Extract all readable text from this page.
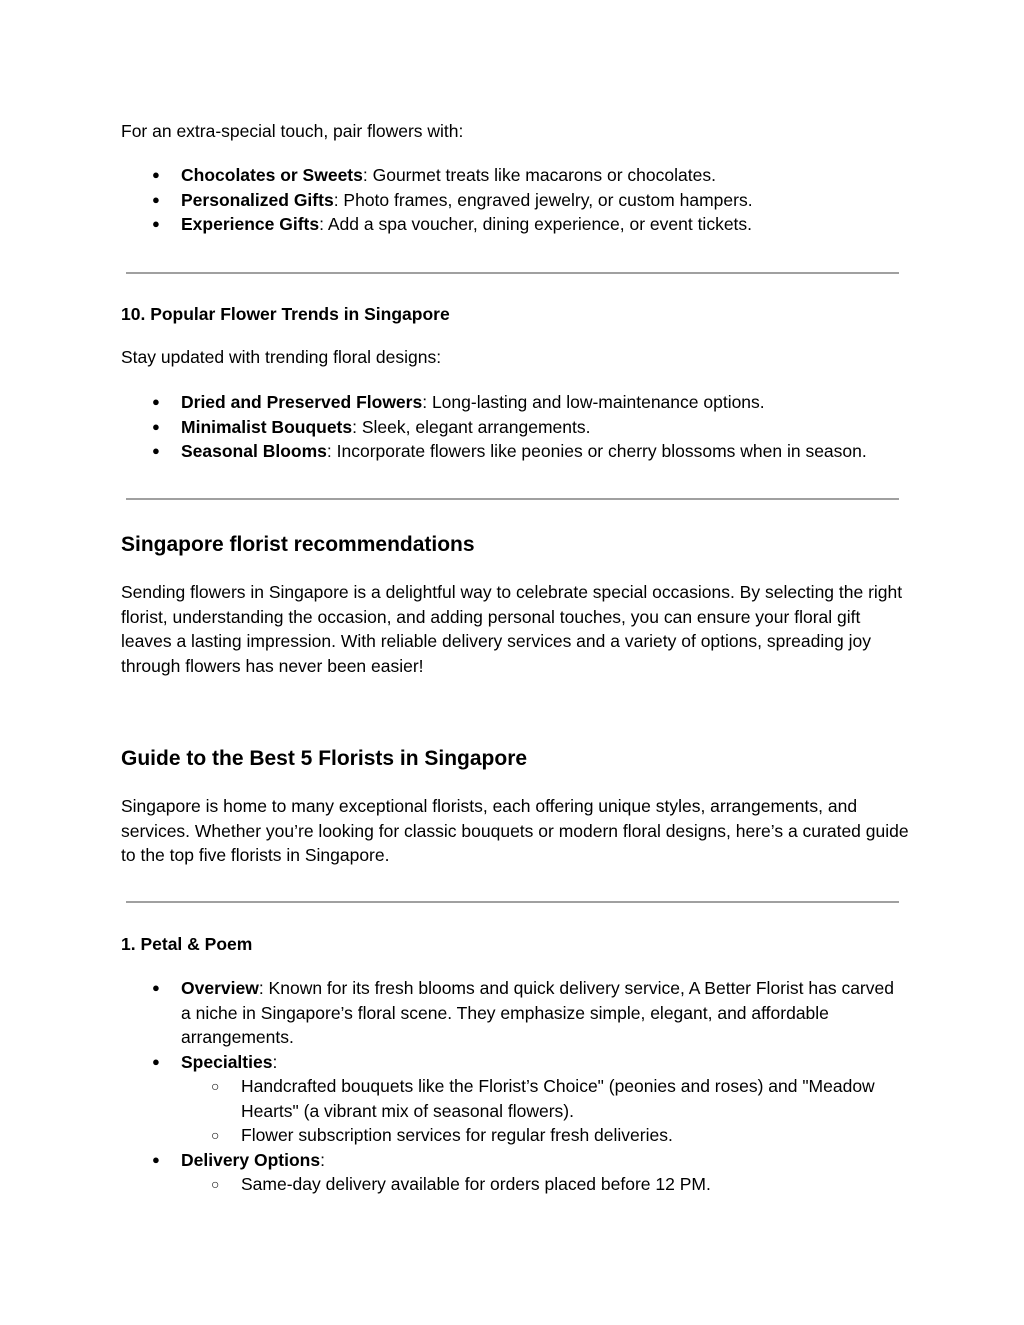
For an extra-special touch, pair flowers with:

● Chocolates or Sweets: Gourmet treats like macarons or chocolates.
● Personalized Gifts: Photo frames, engraved jewelry, or custom hampers.
● Experience Gifts: Add a spa voucher, dining experience, or event tickets.
10. Popular Flower Trends in Singapore

Stay updated with trending floral designs:

● Dried and Preserved Flowers: Long-lasting and low-maintenance options.
● Minimalist Bouquets: Sleek, elegant arrangements.
● Seasonal Blooms: Incorporate flowers like peonies or cherry blossoms when in season.
Singapore florist recommendations

Sending flowers in Singapore is a delightful way to celebrate special occasions. By selecting the right florist, understanding the occasion, and adding personal touches, you can ensure your floral gift leaves a lasting impression. With reliable delivery services and a variety of options, spreading joy through flowers has never been easier!

Guide to the Best 5 Florists in Singapore

Singapore is home to many exceptional florists, each offering unique styles, arrangements, and services. Whether you’re looking for classic bouquets or modern floral designs, here’s a curated guide to the top five florists in Singapore.

1. Petal & Poem
● Overview: Known for its fresh blooms and quick delivery service, A Better Florist has carved a niche in Singapore’s floral scene. They emphasize simple, elegant, and affordable arrangements.
● Specialties:
○ Handcrafted bouquets like the Florist’s Choice" (peonies and roses) and "Meadow Hearts" (a vibrant mix of seasonal flowers).
○ Flower subscription services for regular fresh deliveries.
● Delivery Options:
○ Same-day delivery available for orders placed before 12 PM.
